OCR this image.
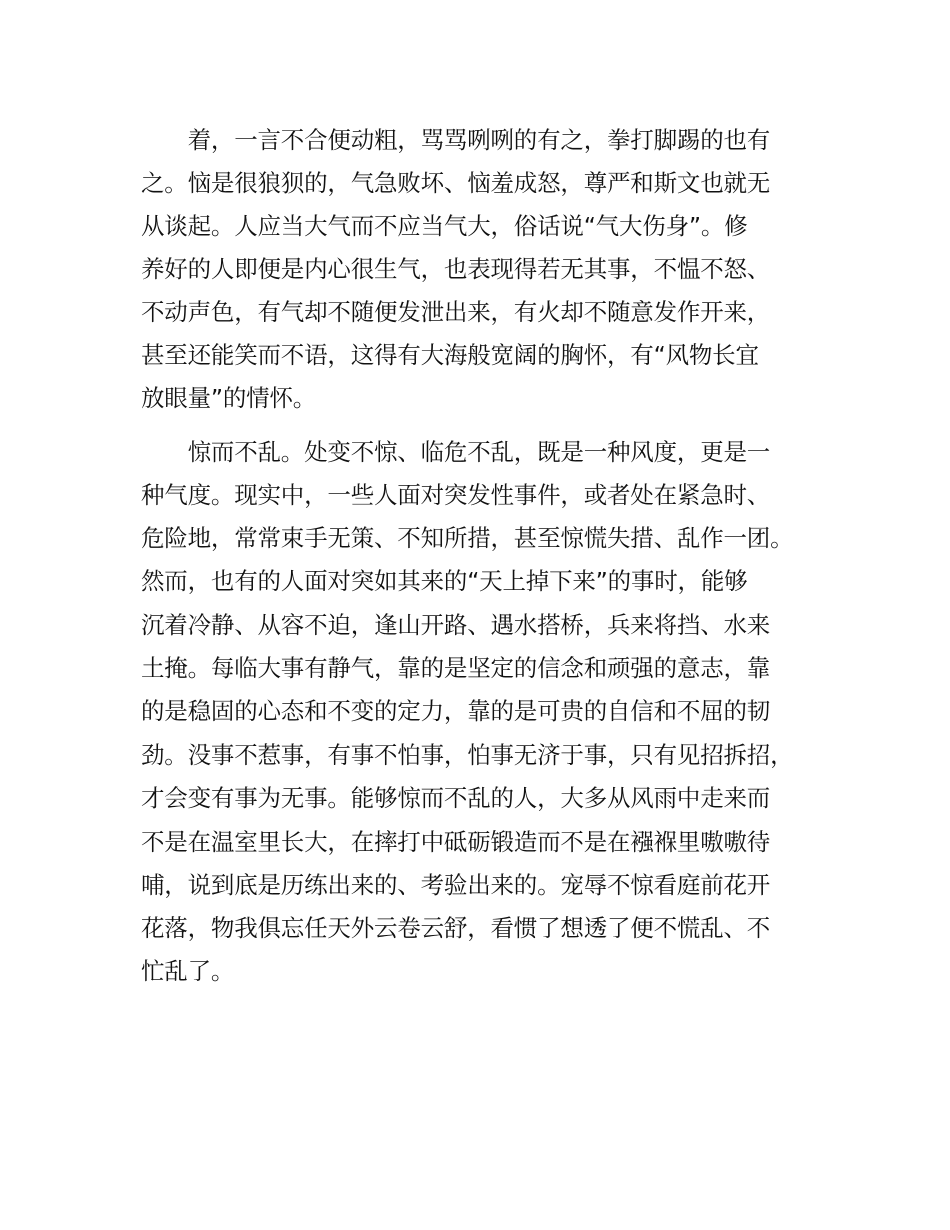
　　着，一言不合便动粗，骂骂咧咧的有之，拳打脚踢的也有
之。恼是很狼狈的，气急败坏、恼羞成怒，尊严和斯文也就无
从谈起。人应当大气而不应当气大，俗话说“气大伤身”。修
养好的人即便是内心很生气，也表现得若无其事，不愠不怒、
不动声色，有气却不随便发泄出来，有火却不随意发作开来，
甚至还能笑而不语，这得有大海般宽阔的胸怀，有“风物长宜
放眼量”的情怀。
　　惊而不乱。处变不惊、临危不乱，既是一种风度，更是一
种气度。现实中，一些人面对突发性事件，或者处在紧急时、
危险地，常常束手无策、不知所措，甚至惊慌失措、乱作一团。
然而，也有的人面对突如其来的“天上掉下来”的事时，能够
沉着冷静、从容不迫，逢山开路、遇水搭桥，兵来将挡、水来
土掩。每临大事有静气，靠的是坚定的信念和顽强的意志，靠
的是稳固的心态和不变的定力，靠的是可贵的自信和不屈的韧
劲。没事不惹事，有事不怕事，怕事无济于事，只有见招拆招，
才会变有事为无事。能够惊而不乱的人，大多从风雨中走来而
不是在温室里长大，在摔打中砥砺锻造而不是在襁褓里嗷嗷待
哺，说到底是历练出来的、考验出来的。宠辱不惊看庭前花开
花落，物我俱忘任天外云卷云舒，看惯了想透了便不慌乱、不
忙乱了。
